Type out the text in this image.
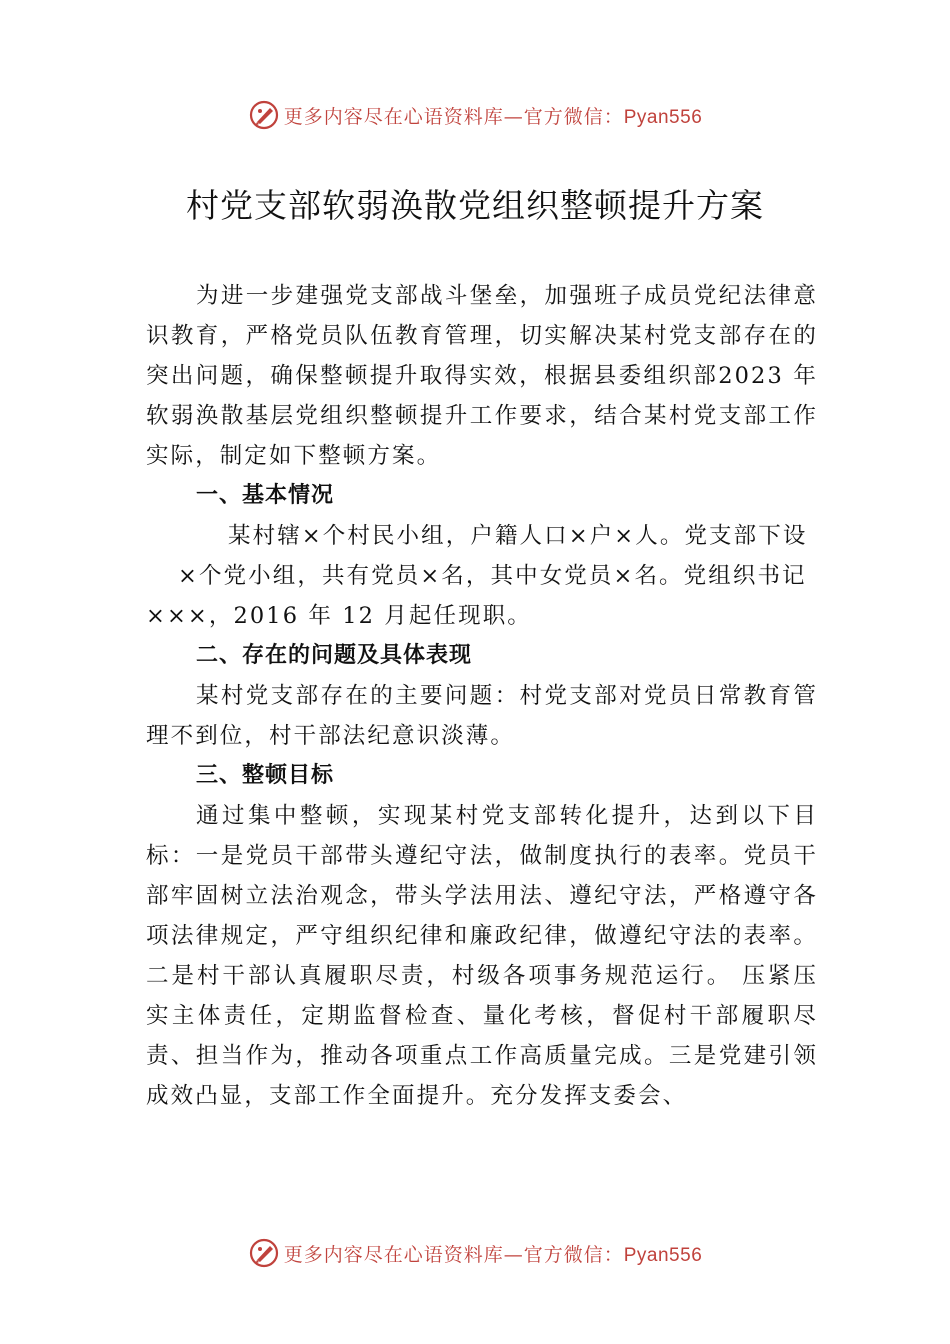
更多内容尽在心语资料库—官方微信：Pyan556
村党支部软弱涣散党组织整顿提升方案

为进一步建强党支部战斗堡垒，加强班子成员党纪法律意识教育，严格党员队伍教育管理，切实解决某村党支部存在的突出问题，确保整顿提升取得实效，根据县委组织部2023 年软弱涣散基层党组织整顿提升工作要求，结合某村党支部工作实际，制定如下整顿方案。

一、基本情况

某村辖×个村民小组，户籍人口×户×人。党支部下设
×个党小组，共有党员×名，其中女党员×名。党组织书记
×××，2016 年 12 月起任现职。

二、存在的问题及具体表现

某村党支部存在的主要问题：村党支部对党员日常教育管理不到位，村干部法纪意识淡薄。

三、整顿目标

通过集中整顿，实现某村党支部转化提升，达到以下目标：一是党员干部带头遵纪守法，做制度执行的表率。党员干部牢固树立法治观念，带头学法用法、遵纪守法，严格遵守各项法律规定，严守组织纪律和廉政纪律，做遵纪守法的表率。二是村干部认真履职尽责，村级各项事务规范运行。 压紧压实主体责任，定期监督检查、量化考核，督促村干部履职尽责、担当作为，推动各项重点工作高质量完成。三是党建引领成效凸显，支部工作全面提升。充分发挥支委会、

更多内容尽在心语资料库—官方微信：Pyan556
